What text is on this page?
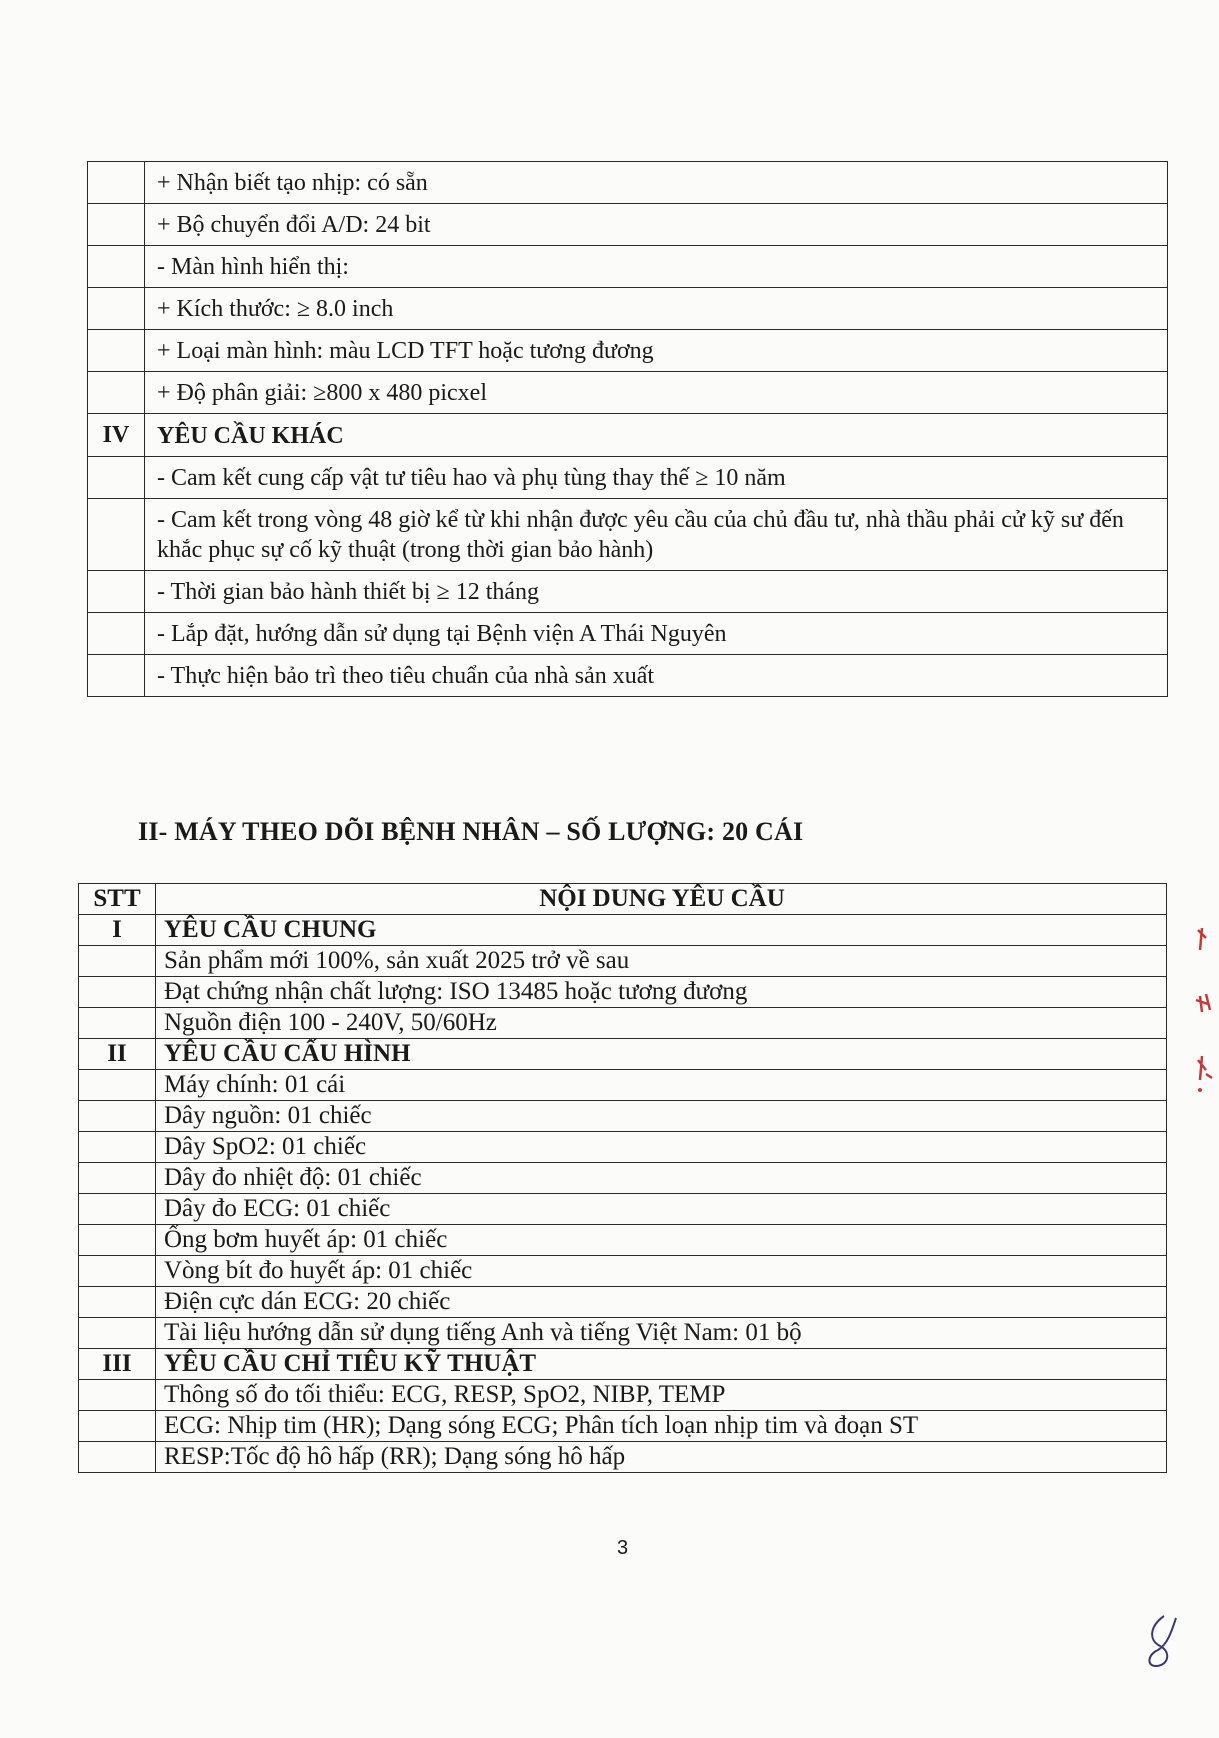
	+ Nhận biết tạo nhịp: có sẵn
	+ Bộ chuyển đổi A/D: 24 bit
	- Màn hình hiển thị:
	+ Kích thước: ≥ 8.0 inch
	+ Loại màn hình: màu LCD TFT hoặc tương đương
	+ Độ phân giải: ≥800 x 480 picxel
IV	YÊU CẦU KHÁC
	- Cam kết cung cấp vật tư tiêu hao và phụ tùng thay thế ≥ 10 năm
	- Cam kết trong vòng 48 giờ kể từ khi nhận được yêu cầu của chủ đầu tư, nhà thầu phải cử kỹ sư đến khắc phục sự cố kỹ thuật (trong thời gian bảo hành)
	- Thời gian bảo hành thiết bị ≥ 12 tháng
	- Lắp đặt, hướng dẫn sử dụng tại Bệnh viện A Thái Nguyên
	- Thực hiện bảo trì theo tiêu chuẩn của nhà sản xuất
II- MÁY THEO DÕI BỆNH NHÂN – SỐ LƯỢNG: 20 CÁI
STT	NỘI DUNG YÊU CẦU
I	YÊU CẦU CHUNG
	Sản phẩm mới 100%, sản xuất 2025 trở về sau
	Đạt chứng nhận chất lượng: ISO 13485 hoặc tương đương
	Nguồn điện 100 - 240V, 50/60Hz
II	YÊU CẦU CẤU HÌNH
	Máy chính: 01 cái
	Dây nguồn: 01 chiếc
	Dây SpO2: 01 chiếc
	Dây đo nhiệt độ: 01 chiếc
	Dây đo ECG: 01 chiếc
	Ống bơm huyết áp: 01 chiếc
	Vòng bít đo huyết áp: 01 chiếc
	Điện cực dán ECG: 20 chiếc
	Tài liệu hướng dẫn sử dụng tiếng Anh và tiếng Việt Nam: 01 bộ
III	YÊU CẦU CHỈ TIÊU KỸ THUẬT
	Thông số đo tối thiểu: ECG, RESP, SpO2, NIBP, TEMP
	ECG: Nhịp tim (HR); Dạng sóng ECG; Phân tích loạn nhịp tim và đoạn ST
	RESP:Tốc độ hô hấp (RR); Dạng sóng hô hấp
3
